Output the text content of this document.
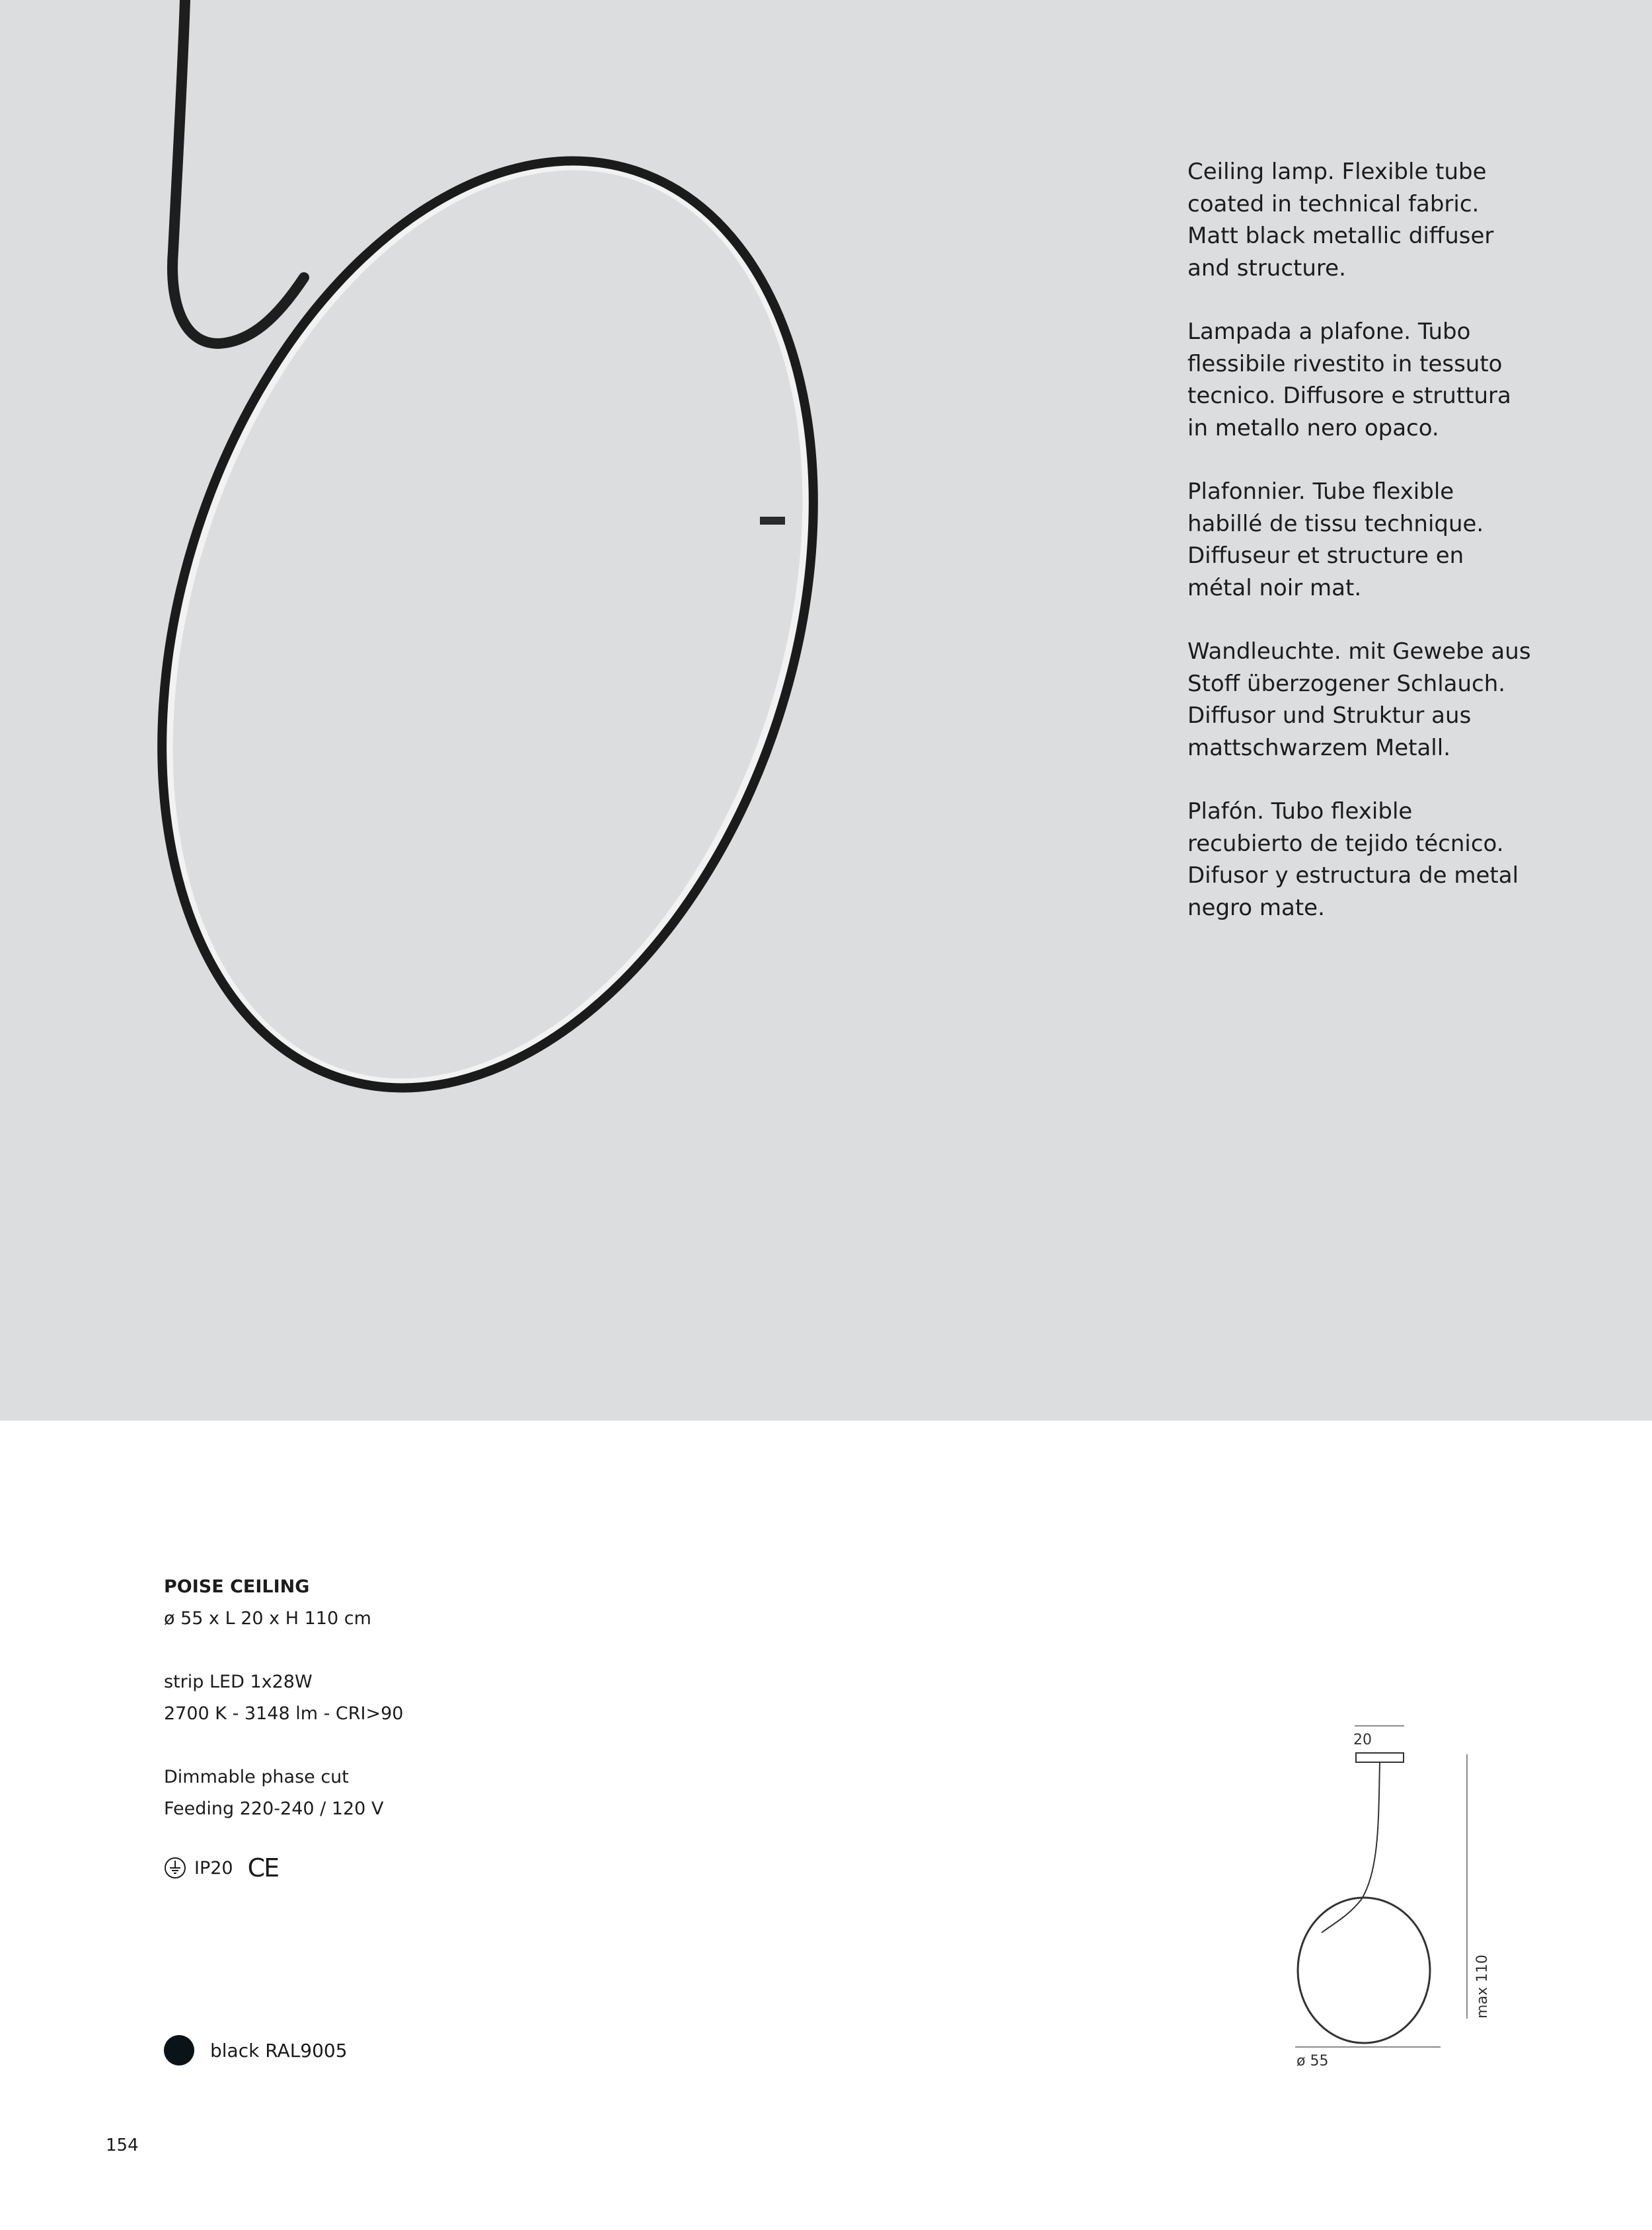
Ceiling lamp. Flexible tube coated in technical fabric. Matt black metallic diffuser and structure.

Lampada a plafone. Tubo flessibile rivestito in tessuto tecnico. Diffusore e struttura in metallo nero opaco.

Plafonnier. Tube flexible habillé de tissu technique. Diffuseur et structure en métal noir mat.

Wandleuchte. mit Gewebe aus Stoff überzogener Schlauch. Diffusor und Struktur aus mattschwarzem Metall.

Plafón. Tubo flexible recubierto de tejido técnico. Difusor y estructura de metal negro mate.

POISE CEILING
ø 55 x L 20 x H 110 cm
strip LED 1x28W
2700 K - 3148 lm - CRI>90
Dimmable phase cut
Feeding 220-240 / 120 V
IP20 CE
black RAL9005
20
max 110
ø 55
154
